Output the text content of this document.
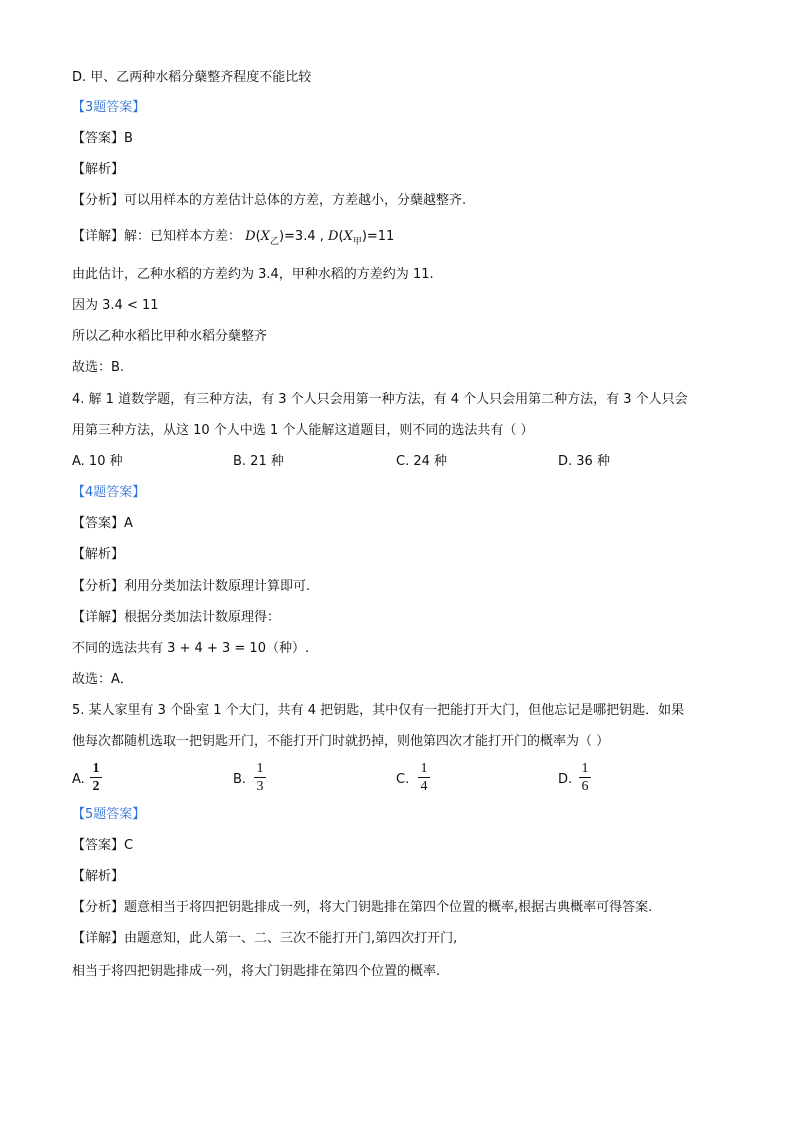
D. 甲、乙两种水稻分蘖整齐程度不能比较
【3题答案】
【答案】B
【解析】
【分析】可以用样本的方差估计总体的方差，方差越小，分蘖越整齐.
【详解】解：已知样本方差： $D(X_乙)=3.4$ , $D(X_甲)=11$
由此估计，乙种水稻的方差约为 3.4，甲种水稻的方差约为 11.
因为 3.4 < 11
所以乙种水稻比甲种水稻分蘖整齐
故选：B.
4. 解 1 道数学题，有三种方法，有 3 个人只会用第一种方法，有 4 个人只会用第二种方法，有 3 个人只会
用第三种方法，从这 10 个人中选 1 个人能解这道题目，则不同的选法共有（ ）
A. 10 种	B. 21 种	C. 24 种	D. 36 种
【4题答案】
【答案】A
【解析】
【分析】利用分类加法计数原理计算即可.
【详解】根据分类加法计数原理得：
不同的选法共有 3 + 4 + 3 = 10（种）.
故选：A．
5. 某人家里有 3 个卧室 1 个大门，共有 4 把钥匙，其中仅有一把能打开大门，但他忘记是哪把钥匙．如果
他每次都随机选取一把钥匙开门，不能打开门时就扔掉，则他第四次才能打开门的概率为（ ）
A.
1
2	B.
1
3	C.
1
4	D.
1
6
【5题答案】
【答案】C
【解析】
【分析】题意相当于将四把钥匙排成一列，将大门钥匙排在第四个位置的概率,根据古典概率可得答案.
【详解】由题意知，此人第一、二、三次不能打开门,第四次打开门,
相当于将四把钥匙排成一列，将大门钥匙排在第四个位置的概率.
